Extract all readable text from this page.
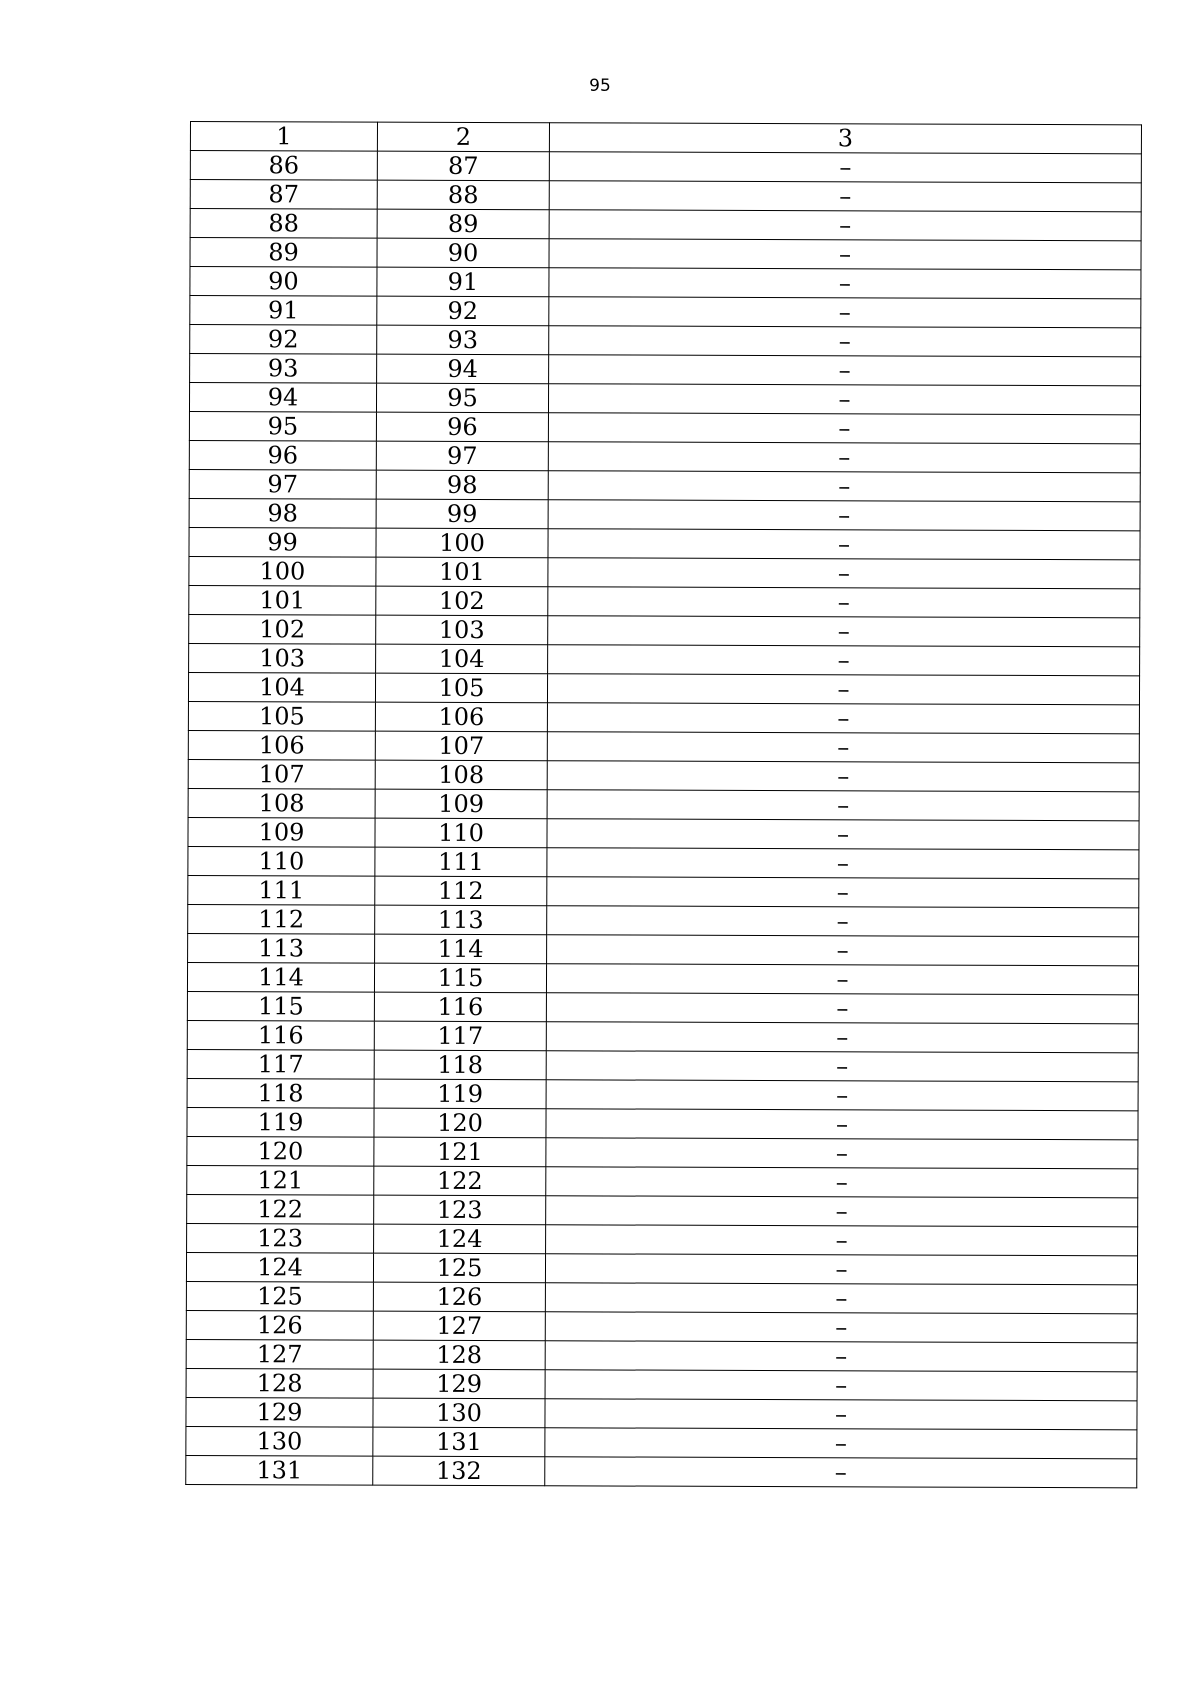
95
1	2	3
86	87	–
87	88	–
88	89	–
89	90	–
90	91	–
91	92	–
92	93	–
93	94	–
94	95	–
95	96	–
96	97	–
97	98	–
98	99	–
99	100	–
100	101	–
101	102	–
102	103	–
103	104	–
104	105	–
105	106	–
106	107	–
107	108	–
108	109	–
109	110	–
110	111	–
111	112	–
112	113	–
113	114	–
114	115	–
115	116	–
116	117	–
117	118	–
118	119	–
119	120	–
120	121	–
121	122	–
122	123	–
123	124	–
124	125	–
125	126	–
126	127	–
127	128	–
128	129	–
129	130	–
130	131	–
131	132	–
